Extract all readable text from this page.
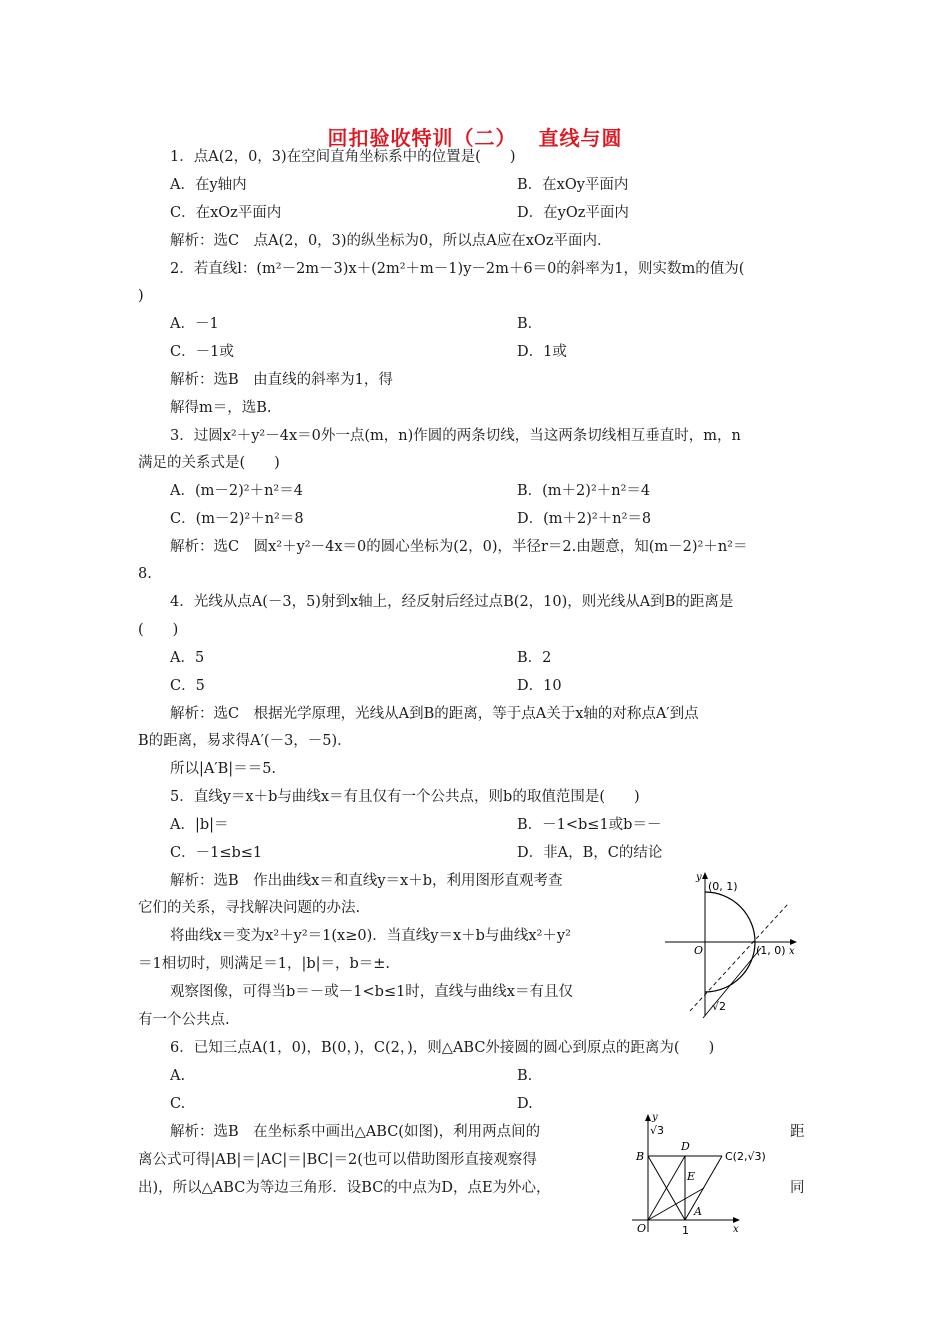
回扣验收特训（二） 直线与圆
1．点A(2，0，3)在空间直角坐标系中的位置是(　　)
A．在y轴内	B．在xOy平面内
C．在xOz平面内	D．在yOz平面内
解析：选C　点A(2，0，3)的纵坐标为0，所以点A应在xOz平面内．
2．若直线l：(m²－2m－3)x＋(2m²＋m－1)y－2m＋6＝0的斜率为1，则实数m的值为(
)
A．－1	B．
C．－1或	D．1或
解析：选B　由直线的斜率为1，得
解得m＝，选B.
3．过圆x²＋y²－4x＝0外一点(m，n)作圆的两条切线，当这两条切线相互垂直时，m，n
满足的关系式是(　　)
A．(m－2)²＋n²＝4	B．(m＋2)²＋n²＝4
C．(m－2)²＋n²＝8	D．(m＋2)²＋n²＝8
解析：选C　圆x²＋y²－4x＝0的圆心坐标为(2，0)，半径r＝2.由题意，知(m－2)²＋n²＝
8.
4．光线从点A(－3，5)射到x轴上，经反射后经过点B(2，10)，则光线从A到B的距离是
(　　)
A．5	B．2
C．5	D．10
解析：选C　根据光学原理，光线从A到B的距离，等于点A关于x轴的对称点A′到点
B的距离，易求得A′(－3，－5)．
所以|A′B|＝＝5.
5．直线y＝x＋b与曲线x＝有且仅有一个公共点，则b的取值范围是(　　)
A．|b|＝	B．－1<b≤1或b＝－
C．－1≤b≤1	D．非A，B，C的结论
解析：选B　作出曲线x＝和直线y＝x＋b，利用图形直观考查
它们的关系，寻找解决问题的办法.
将曲线x＝变为x²＋y²＝1(x≥0)．当直线y＝x＋b与曲线x²＋y²
＝1相切时，则满足＝1，|b|＝，b＝±.
观察图像，可得当b＝－或－1<b≤1时，直线与曲线x＝有且仅
有一个公共点.
y
(0, 1)
O	(1, 0) x
√2
6．已知三点A(1，0)，B(0，)，C(2，)，则△ABC外接圆的圆心到原点的距离为(　　)
A.	B.
C.	D.
解析：选B　在坐标系中画出△ABC(如图)，利用两点间的	距
离公式可得|AB|＝|AC|＝|BC|＝2(也可以借助图形直接观察得
出)，所以△ABC为等边三角形．设BC的中点为D，点E为外心，	同
y
√3
B
D
C(2,√3)
E
A
O	1	x
